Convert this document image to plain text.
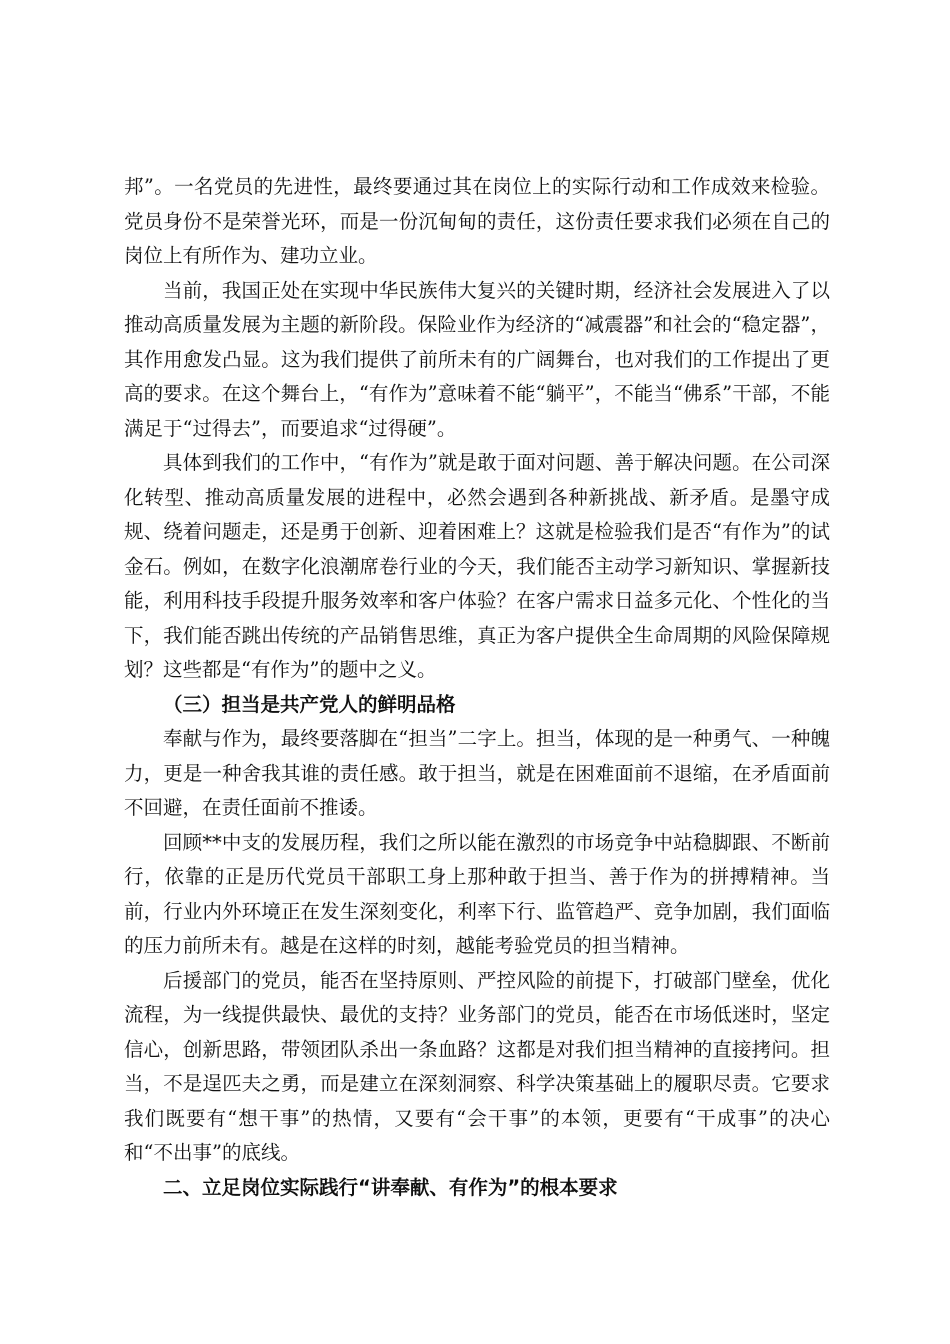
邦”。一名党员的先进性，最终要通过其在岗位上的实际行动和工作成效来检验。党员身份不是荣誉光环，而是一份沉甸甸的责任，这份责任要求我们必须在自己的岗位上有所作为、建功立业。

当前，我国正处在实现中华民族伟大复兴的关键时期，经济社会发展进入了以推动高质量发展为主题的新阶段。保险业作为经济的“减震器”和社会的“稳定器”，其作用愈发凸显。这为我们提供了前所未有的广阔舞台，也对我们的工作提出了更高的要求。在这个舞台上，“有作为”意味着不能“躺平”，不能当“佛系”干部，不能满足于“过得去”，而要追求“过得硬”。

具体到我们的工作中，“有作为”就是敢于面对问题、善于解决问题。在公司深化转型、推动高质量发展的进程中，必然会遇到各种新挑战、新矛盾。是墨守成规、绕着问题走，还是勇于创新、迎着困难上？这就是检验我们是否“有作为”的试金石。例如，在数字化浪潮席卷行业的今天，我们能否主动学习新知识、掌握新技能，利用科技手段提升服务效率和客户体验？在客户需求日益多元化、个性化的当下，我们能否跳出传统的产品销售思维，真正为客户提供全生命周期的风险保障规划？这些都是“有作为”的题中之义。

（三）担当是共产党人的鲜明品格

奉献与作为，最终要落脚在“担当”二字上。担当，体现的是一种勇气、一种魄力，更是一种舍我其谁的责任感。敢于担当，就是在困难面前不退缩，在矛盾面前不回避，在责任面前不推诿。

回顾**中支的发展历程，我们之所以能在激烈的市场竞争中站稳脚跟、不断前行，依靠的正是历代党员干部职工身上那种敢于担当、善于作为的拼搏精神。当前，行业内外环境正在发生深刻变化，利率下行、监管趋严、竞争加剧，我们面临的压力前所未有。越是在这样的时刻，越能考验党员的担当精神。

后援部门的党员，能否在坚持原则、严控风险的前提下，打破部门壁垒，优化流程，为一线提供最快、最优的支持？业务部门的党员，能否在市场低迷时，坚定信心，创新思路，带领团队杀出一条血路？这都是对我们担当精神的直接拷问。担当，不是逞匹夫之勇，而是建立在深刻洞察、科学决策基础上的履职尽责。它要求我们既要有“想干事”的热情，又要有“会干事”的本领，更要有“干成事”的决心和“不出事”的底线。

二、立足岗位实际践行“讲奉献、有作为”的根本要求
